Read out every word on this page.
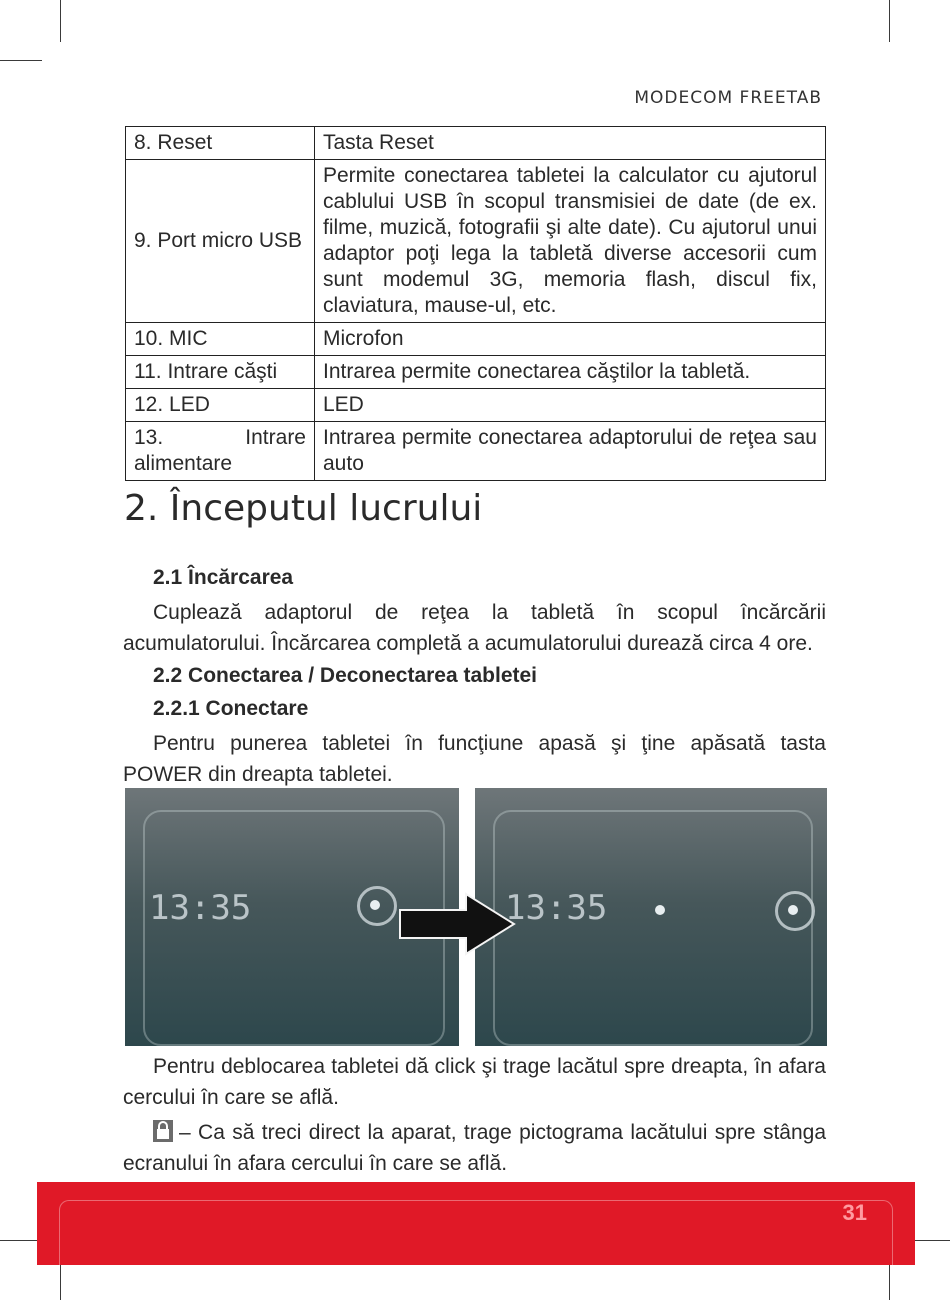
MODECOM FREETAB
8. Reset	Tasta Reset
9. Port micro USB	Permite conectarea tabletei la calculator cu ajutorul cablului USB în scopul transmisiei de date (de ex. filme, muzică, fotografii şi alte date). Cu ajutorul unui adaptor poţi lega la tabletă diverse accesorii cum sunt modemul 3G, memoria flash, discul fix, claviatura, mause-ul, etc.
10. MIC	Microfon
11. Intrare căşti	Intrarea permite conectarea căştilor la tabletă.
12. LED	LED
13. Intrare alimentare	Intrarea permite conectarea adaptorului de reţea sau auto
2. Începutul lucrului

2.1 Încărcarea

Cuplează adaptorul de reţea la tabletă în scopul încărcării acumulatorului. Încărcarea completă a acumulatorului durează circa 4 ore.

2.2 Conectarea / Deconectarea tabletei

2.2.1 Conectare

Pentru punerea tabletei în funcţiune apasă şi ţine apăsată tasta POWER din dreapta tabletei.

13:35	13:35

Pentru deblocarea tabletei dă click şi trage lacătul spre dreapta, în afara cercului în care se află.

– Ca să treci direct la aparat, trage pictograma lacătului spre stânga ecranului în afara cercului în care se află.

31
